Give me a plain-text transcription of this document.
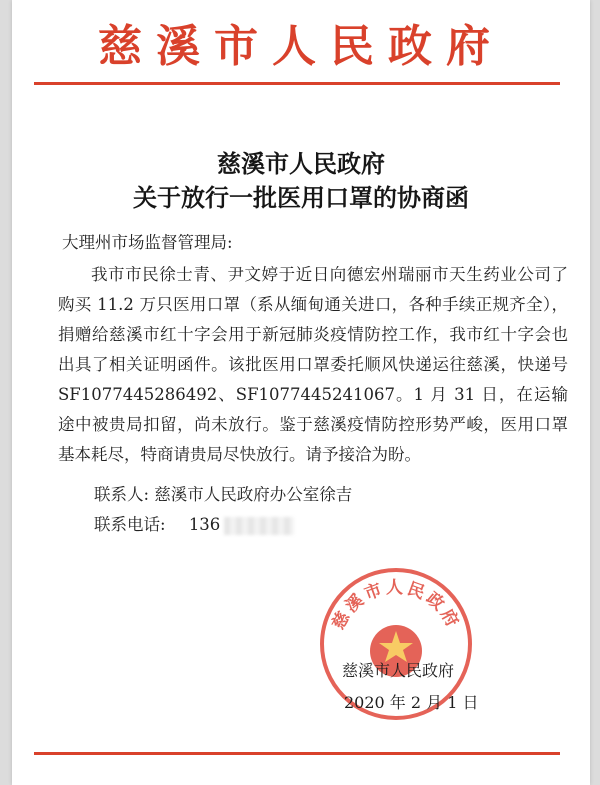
慈溪市人民政府
慈溪市人民政府
关于放行一批医用口罩的协商函
大理州市场监督管理局:
我市市民徐士青、尹文婷于近日向德宏州瑞丽市天生药业公司了购买 11.2 万只医用口罩（系从缅甸通关进口，各种手续正规齐全），捐赠给慈溪市红十字会用于新冠肺炎疫情防控工作，我市红十字会也出具了相关证明函件。该批医用口罩委托顺风快递运往慈溪，快递号 SF1077445286492、SF1077445241067。1 月 31 日，在运输途中被贵局扣留，尚未放行。鉴于慈溪疫情防控形势严峻，医用口罩基本耗尽，特商请贵局尽快放行。请予接洽为盼。
联系人: 慈溪市人民政府办公室徐吉
联系电话: 136
慈溪市人民政府
慈溪市人民政府
2020 年 2 月 1 日
